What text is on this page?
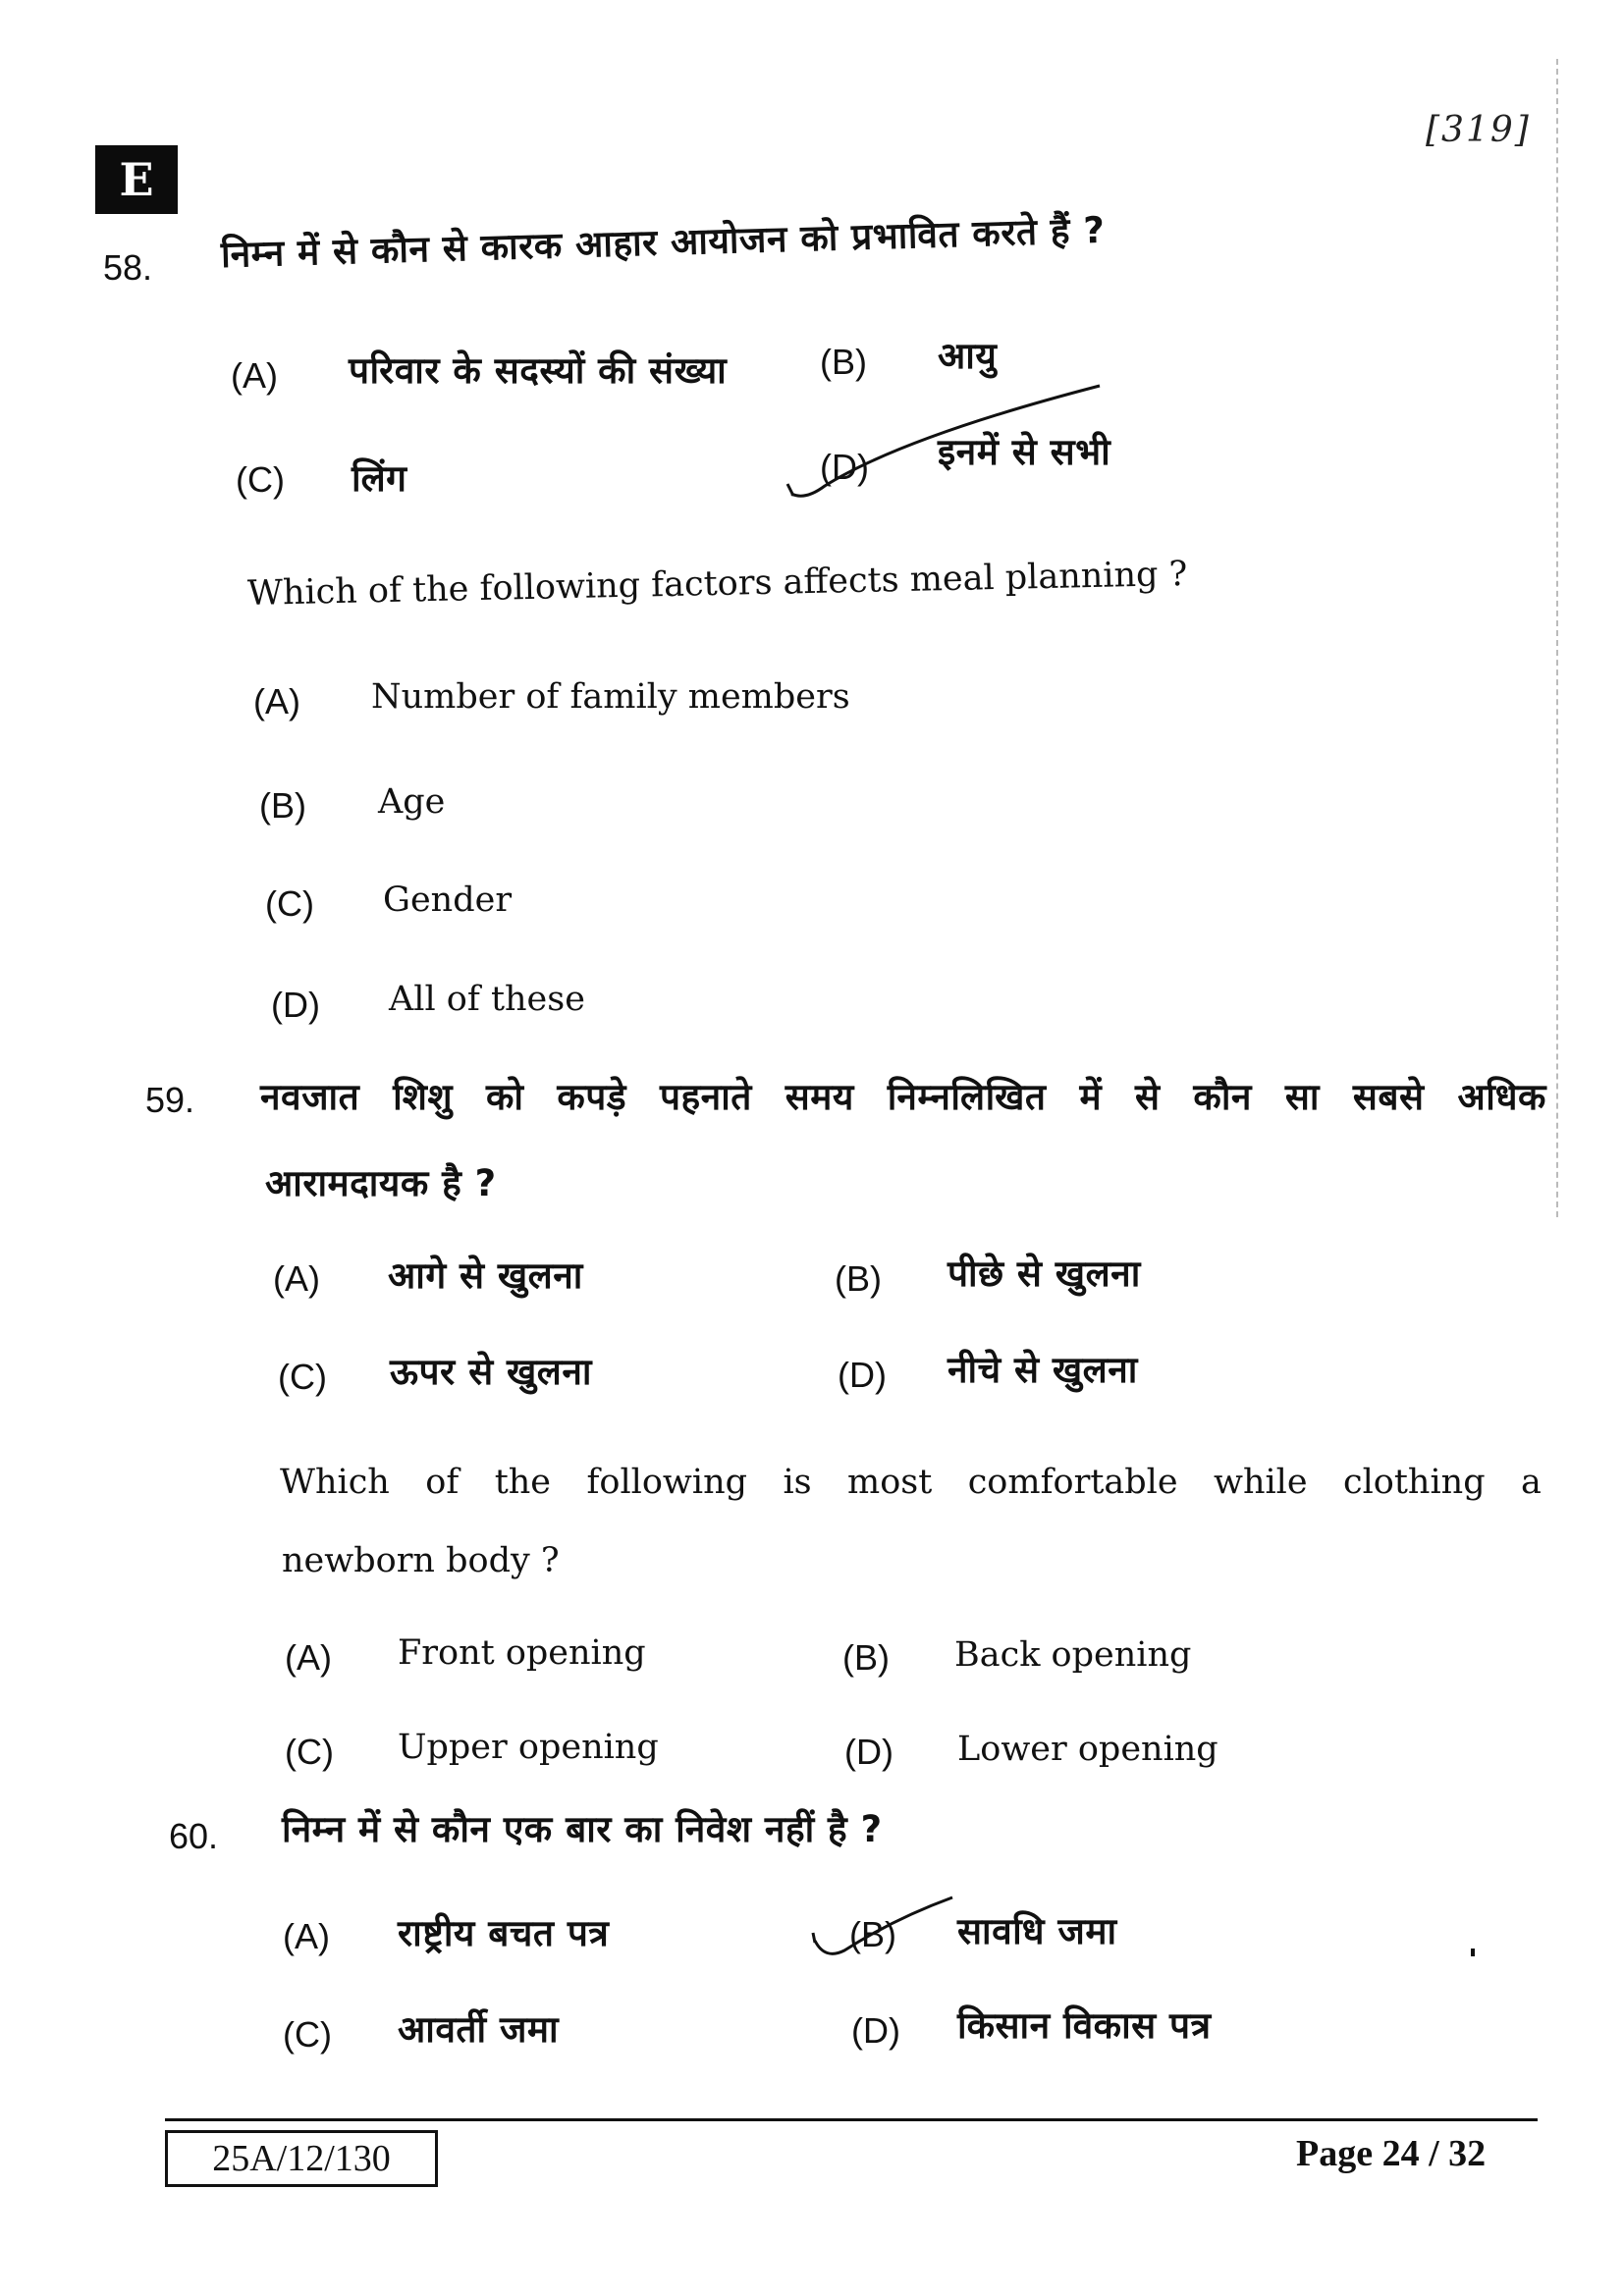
E
[319]
58. निम्न में से कौन से कारक आहार आयोजन को प्रभावित करते हैं ?
(A) परिवार के सदस्यों की संख्या	(B) आयु
(C) लिंग	(D) इनमें से सभी
Which of the following factors affects meal planning ?
(A) Number of family members
(B) Age
(C) Gender
(D) All of these
59. नवजात शिशु को कपड़े पहनाते समय निम्नलिखित में से कौन सा सबसे अधिक
आरामदायक है ?
(A) आगे से खुलना	(B) पीछे से खुलना
(C) ऊपर से खुलना	(D) नीचे से खुलना
Which of the following is most comfortable while clothing a
newborn body ?
(A) Front opening	(B) Back opening
(C) Upper opening	(D) Lower opening
60. निम्न में से कौन एक बार का निवेश नहीं है ?
(A) राष्ट्रीय बचत पत्र	(B) सावधि जमा
(C) आवर्ती जमा	(D) किसान विकास पत्र
25A/12/130	Page 24 / 32
